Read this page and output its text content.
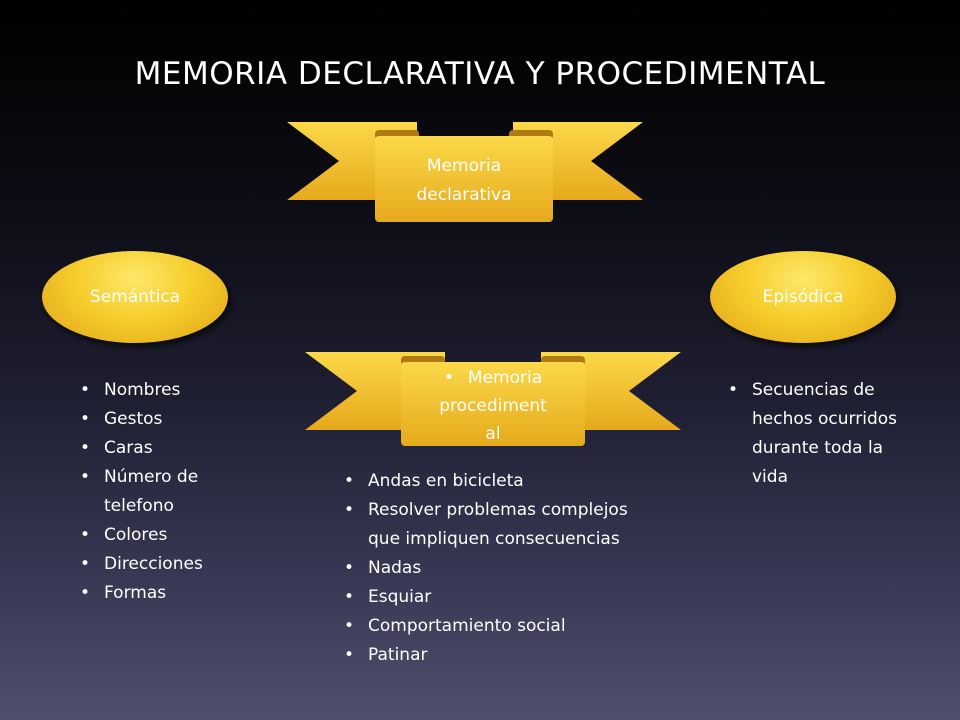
MEMORIA DECLARATIVA Y PROCEDIMENTAL
Memoria
declarativa
Semántica	Episódica
• Memoria
procediment
al
• Nombres
• Gestos
• Caras
• Número de telefono
• Colores
• Direcciones
• Formas
• Andas en bicicleta
• Resolver problemas complejos que impliquen consecuencias
• Nadas
• Esquiar
• Comportamiento social
• Patinar
• Secuencias de hechos ocurridos durante toda la vida
